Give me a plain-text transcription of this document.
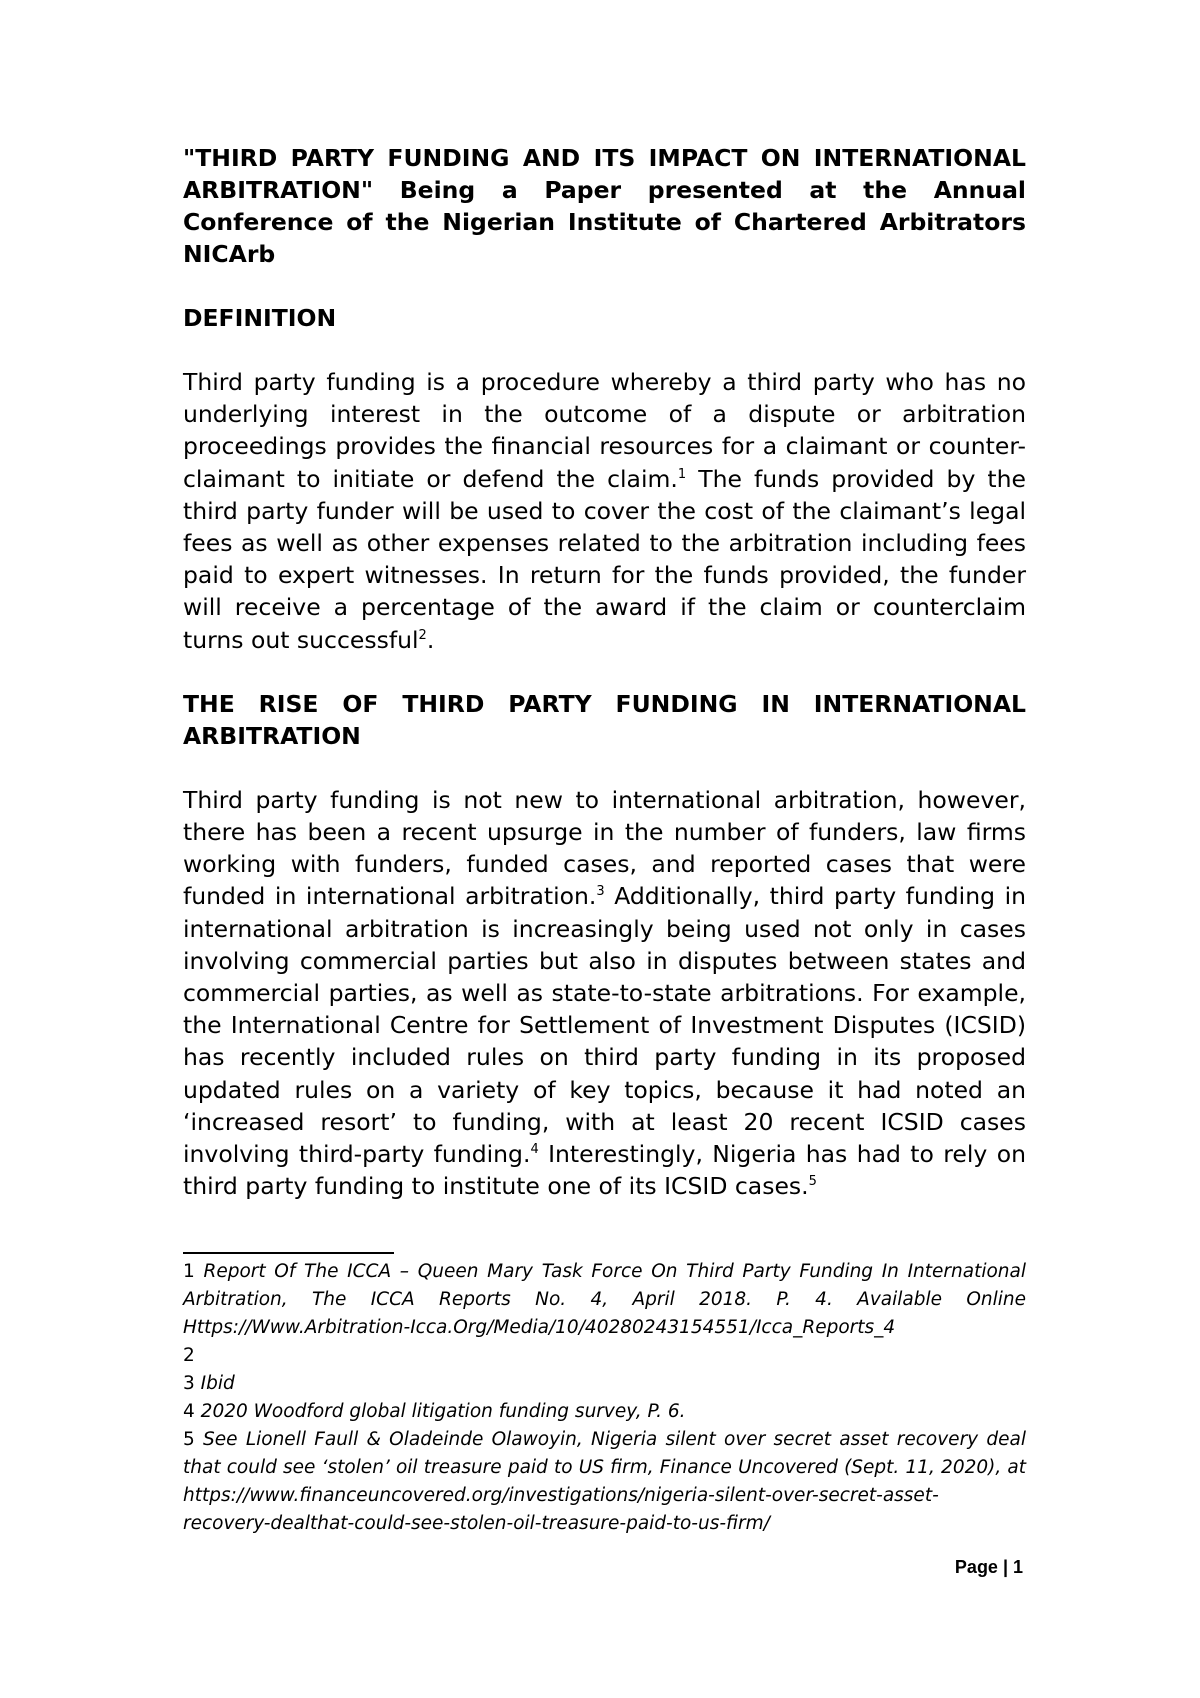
"THIRD PARTY FUNDING AND ITS IMPACT ON INTERNATIONAL ARBITRATION" Being a Paper presented at the Annual Conference of the Nigerian Institute of Chartered Arbitrators NICArb

DEFINITION

Third party funding is a procedure whereby a third party who has no underlying interest in the outcome of a dispute or arbitration proceedings provides the financial resources for a claimant or counter-claimant to initiate or defend the claim.$^1$ The funds provided by the third party funder will be used to cover the cost of the claimant’s legal fees as well as other expenses related to the arbitration including fees paid to expert witnesses. In return for the funds provided, the funder will receive a percentage of the award if the claim or counterclaim turns out successful$^2$.

THE RISE OF THIRD PARTY FUNDING IN INTERNATIONAL ARBITRATION

Third party funding is not new to international arbitration, however, there has been a recent upsurge in the number of funders, law firms working with funders, funded cases, and reported cases that were funded in international arbitration.$^3$ Additionally, third party funding in international arbitration is increasingly being used not only in cases involving commercial parties but also in disputes between states and commercial parties, as well as state-to-state arbitrations. For example, the International Centre for Settlement of Investment Disputes (ICSID) has recently included rules on third party funding in its proposed updated rules on a variety of key topics, because it had noted an ‘increased resort’ to funding, with at least 20 recent ICSID cases involving third-party funding.$^4$ Interestingly, Nigeria has had to rely on third party funding to institute one of its ICSID cases.$^5$

1 Report Of The ICCA – Queen Mary Task Force On Third Party Funding In International Arbitration, The ICCA Reports No. 4, April 2018. P. 4. Available Online Https://Www.Arbitration-Icca.Org/Media/10/40280243154551/Icca_Reports_4

2

3 Ibid

4 2020 Woodford global litigation funding survey, P. 6.

5 See Lionell Faull & Oladeinde Olawoyin, Nigeria silent over secret asset recovery deal that could see ‘stolen’ oil treasure paid to US firm, Finance Uncovered (Sept. 11, 2020), at https://www.financeuncovered.org/investigations/nigeria-silent-over-secret-asset-recovery-dealthat-could-see-stolen-oil-treasure-paid-to-us-firm/

Page | 1
